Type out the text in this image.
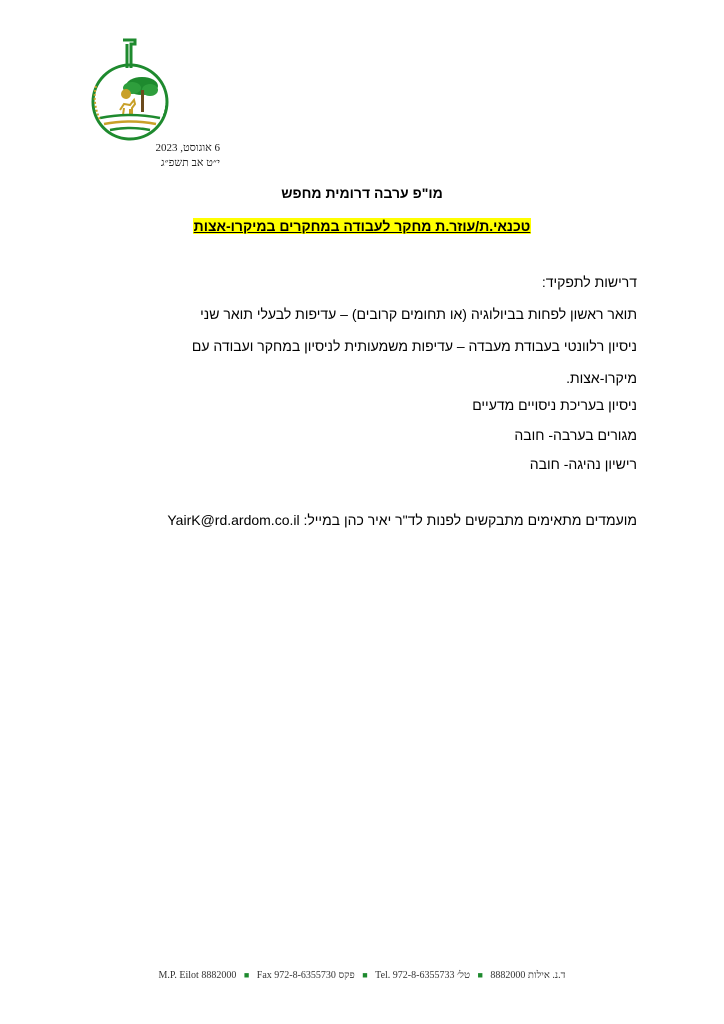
6 אוגוסט, 2023
י״ט אב תשפ״ג
מו"פ ערבה דרומית מחפש
טכנאי.ת/עוזר.ת מחקר לעבודה במחקרים במיקרו-אצות
דרישות לתפקיד:
תואר ראשון לפחות בביולוגיה (או תחומים קרובים) – עדיפות לבעלי תואר שני
ניסיון רלוונטי בעבודת מעבדה – עדיפות משמעותית לניסיון במחקר ועבודה עם
מיקרו-אצות.
ניסיון בעריכת ניסויים מדעיים
מגורים בערבה- חובה
רישיון נהיגה- חובה
מועמדים מתאימים מתבקשים לפנות לד"ר יאיר כהן במייל: YairK@rd.ardom.co.il
M.P. Eilot 8882000 ■ Fax 972-8-6355730 פקס ■ Tel. 972-8-6355733 טל׳ ■ ד.נ. אילות 8882000
